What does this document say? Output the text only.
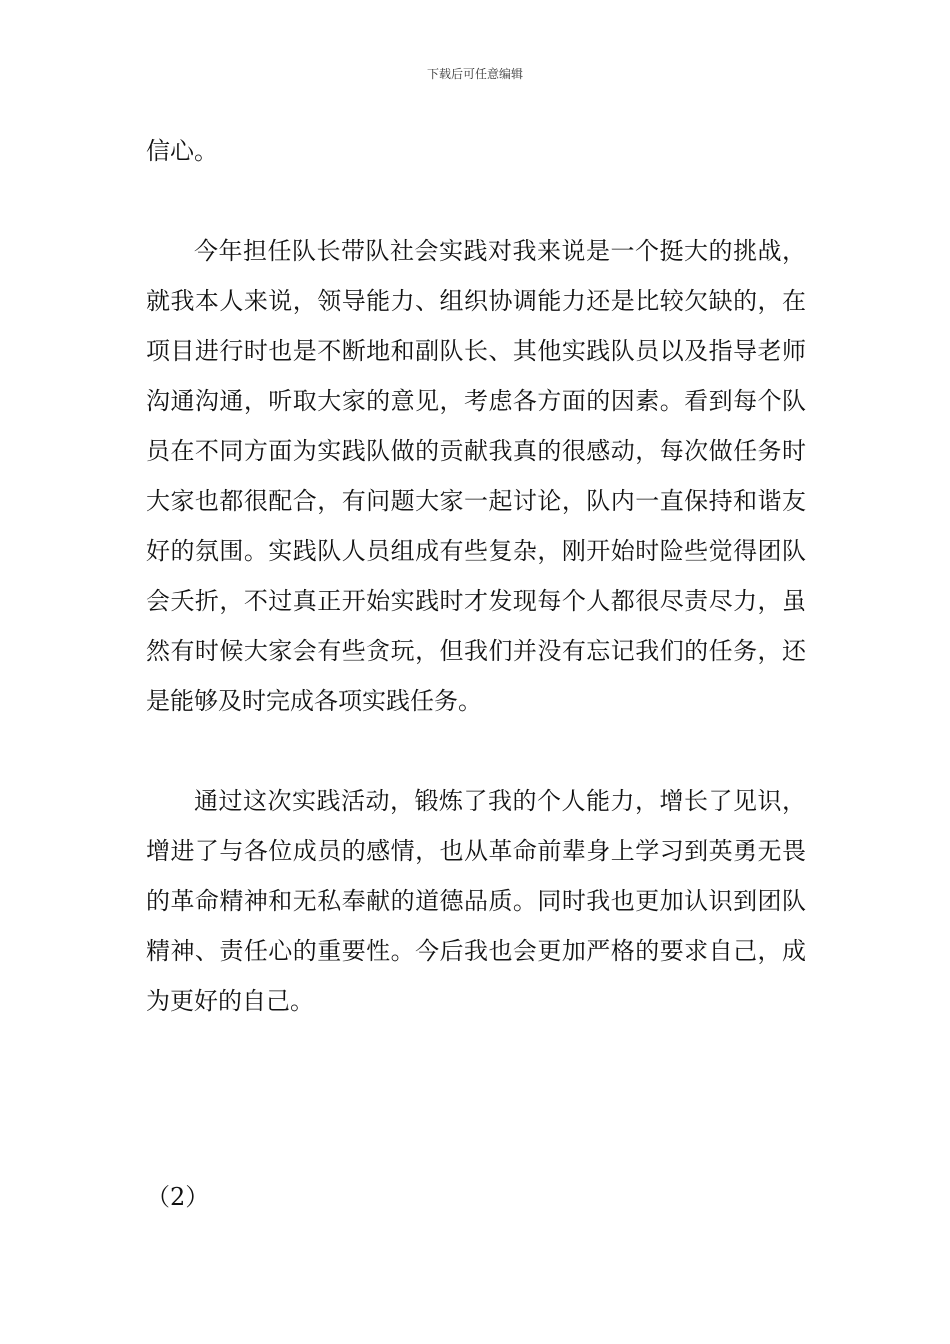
下载后可任意编辑

信心。

今年担任队长带队社会实践对我来说是一个挺大的挑战，就我本人来说，领导能力、组织协调能力还是比较欠缺的，在项目进行时也是不断地和副队长、其他实践队员以及指导老师沟通沟通，听取大家的意见，考虑各方面的因素。看到每个队员在不同方面为实践队做的贡献我真的很感动，每次做任务时大家也都很配合，有问题大家一起讨论，队内一直保持和谐友好的氛围。实践队人员组成有些复杂，刚开始时险些觉得团队会夭折，不过真正开始实践时才发现每个人都很尽责尽力，虽然有时候大家会有些贪玩，但我们并没有忘记我们的任务，还是能够及时完成各项实践任务。

通过这次实践活动，锻炼了我的个人能力，增长了见识，增进了与各位成员的感情，也从革命前辈身上学习到英勇无畏的革命精神和无私奉献的道德品质。同时我也更加认识到团队精神、责任心的重要性。今后我也会更加严格的要求自己，成为更好的自己。

（2）
